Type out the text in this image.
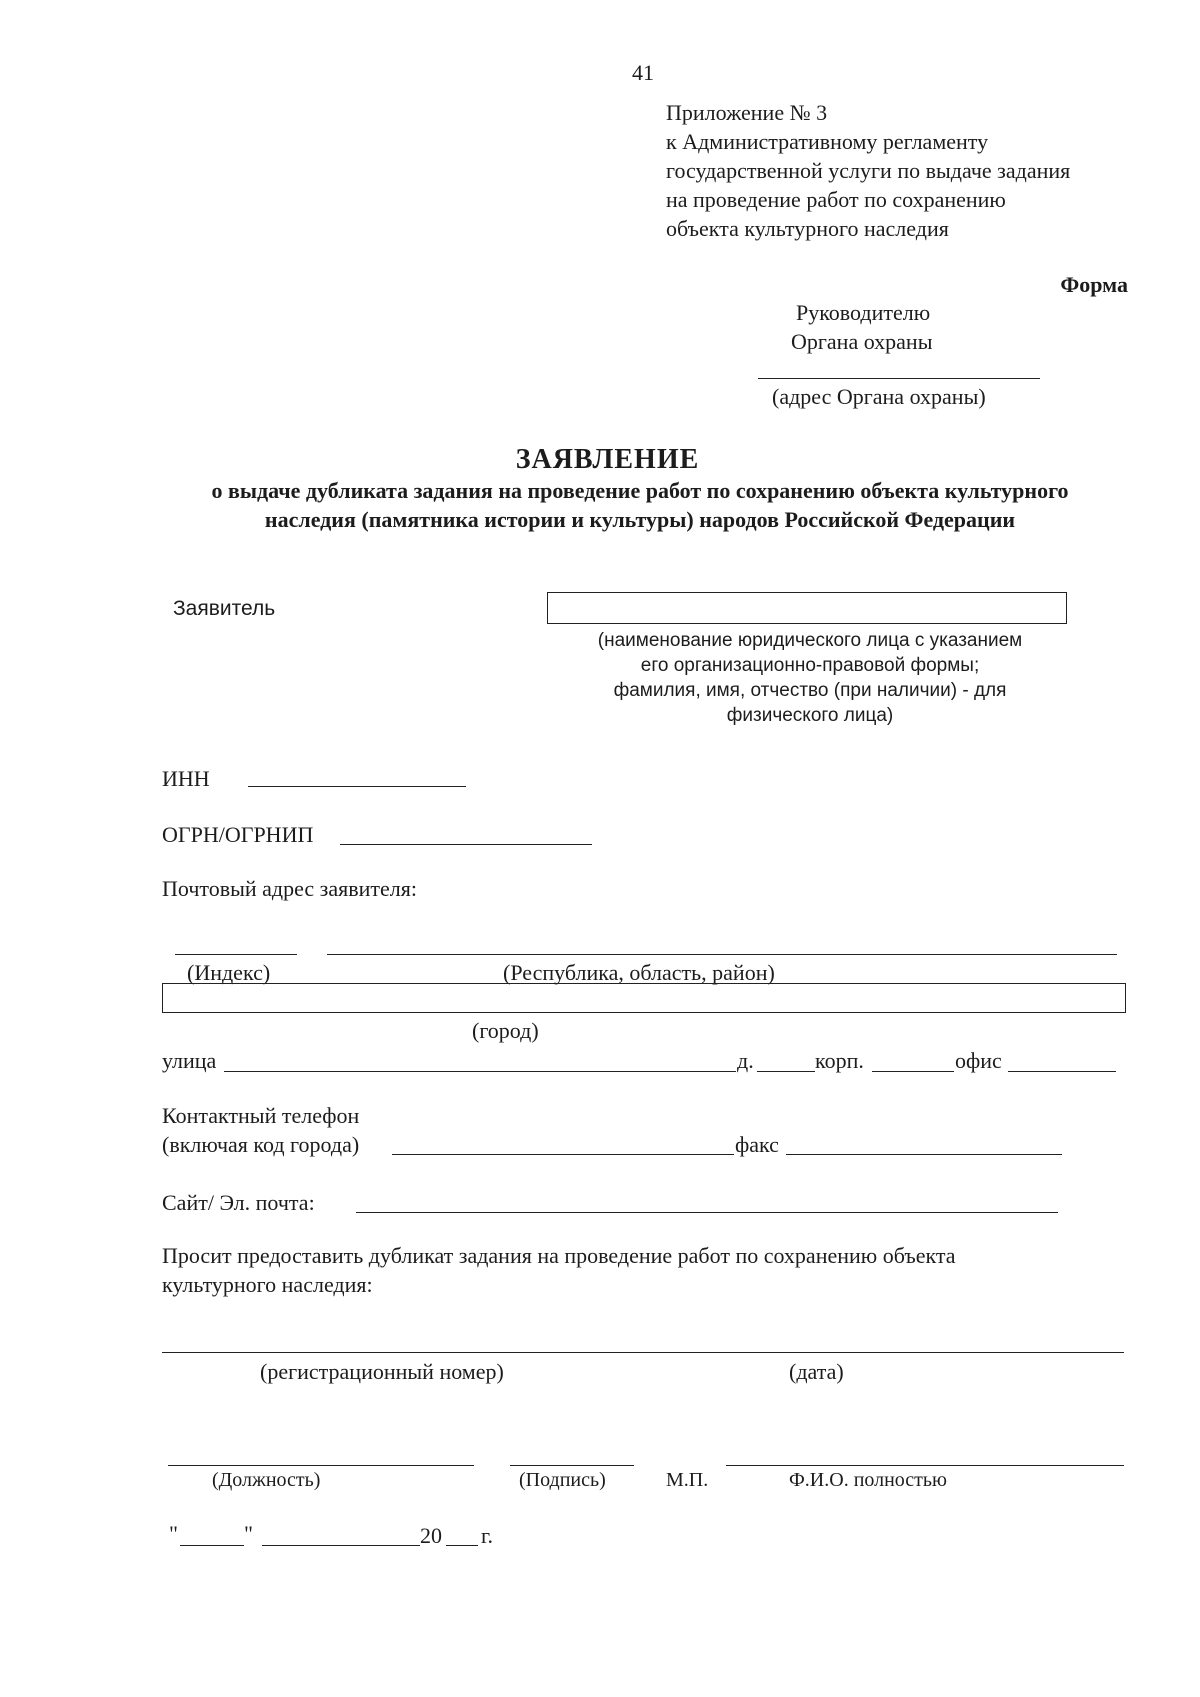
41
Приложение № 3
к Административному регламенту
государственной услуги по выдаче задания
на проведение работ по сохранению
объекта культурного наследия
Форма
Руководителю
Органа охраны
(адрес Органа охраны)
ЗАЯВЛЕНИЕ
о выдаче дубликата задания на проведение работ по сохранению объекта культурного
наследия (памятника истории и культуры) народов Российской Федерации
Заявитель
(наименование юридического лица с указанием
его организационно-правовой формы;
фамилия, имя, отчество (при наличии) - для
физического лица)
ИНН
ОГРН/ОГРНИП
Почтовый адрес заявителя:
(Индекс)	(Республика, область, район)
(город)
улица	д.	корп.	офис
Контактный телефон
(включая код города)	факс
Сайт/ Эл. почта:
Просит предоставить дубликат задания на проведение работ по сохранению объекта
культурного наследия:
(регистрационный номер)	(дата)
(Должность)	(Подпись)	М.П.	Ф.И.О. полностью
"	"	20 г.
